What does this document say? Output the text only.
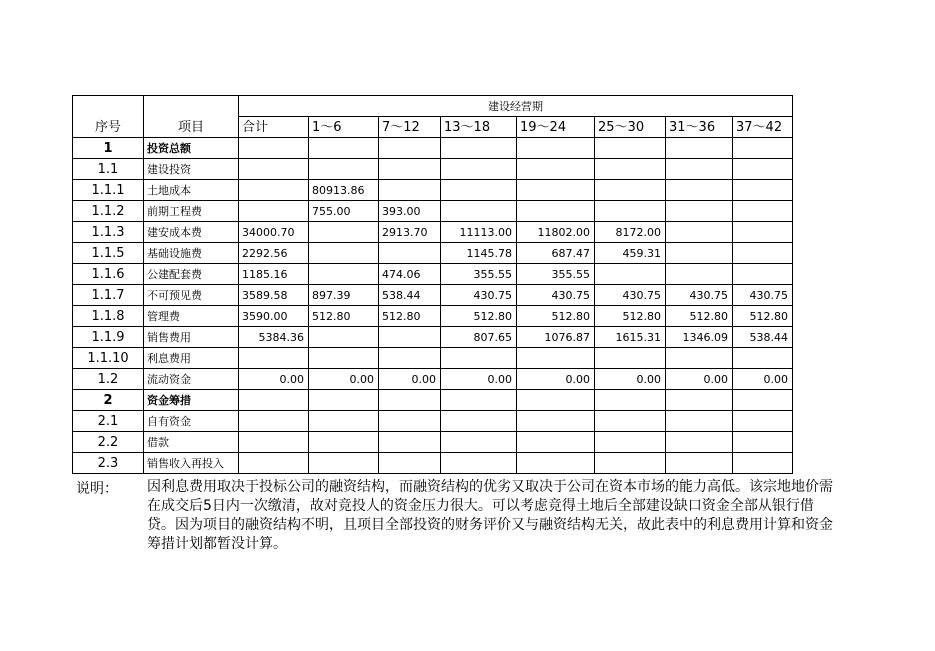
序号	项目	建设经营期							
		合计	1～6	7～12	13～18	19～24	25～30	31～36	37～42
1	投资总额								
1.1	建设投资								
1.1.1	土地成本		80913.86						
1.1.2	前期工程费		755.00	393.00					
1.1.3	建安成本费	34000.70		2913.70	11113.00	11802.00	8172.00		
1.1.5	基础设施费	2292.56			1145.78	687.47	459.31		
1.1.6	公建配套费	1185.16		474.06	355.55	355.55			
1.1.7	不可预见费	3589.58	897.39	538.44	430.75	430.75	430.75	430.75	430.75
1.1.8	管理费	3590.00	512.80	512.80	512.80	512.80	512.80	512.80	512.80
1.1.9	销售费用	5384.36			807.65	1076.87	1615.31	1346.09	538.44
1.1.10	利息费用								
1.2	流动资金	0.00	0.00	0.00	0.00	0.00	0.00	0.00	0.00
2	资金筹措								
2.1	自有资金								
2.2	借款								
2.3	销售收入再投入								
说明： 因利息费用取决于投标公司的融资结构，而融资结构的优劣又取决于公司在资本市场的能力高低。该宗地地价需在成交后5日内一次缴清，故对竞投人的资金压力很大。可以考虑竞得土地后全部建设缺口资金全部从银行借贷。因为项目的融资结构不明，且项目全部投资的财务评价又与融资结构无关，故此表中的利息费用计算和资金筹措计划都暂没计算。
